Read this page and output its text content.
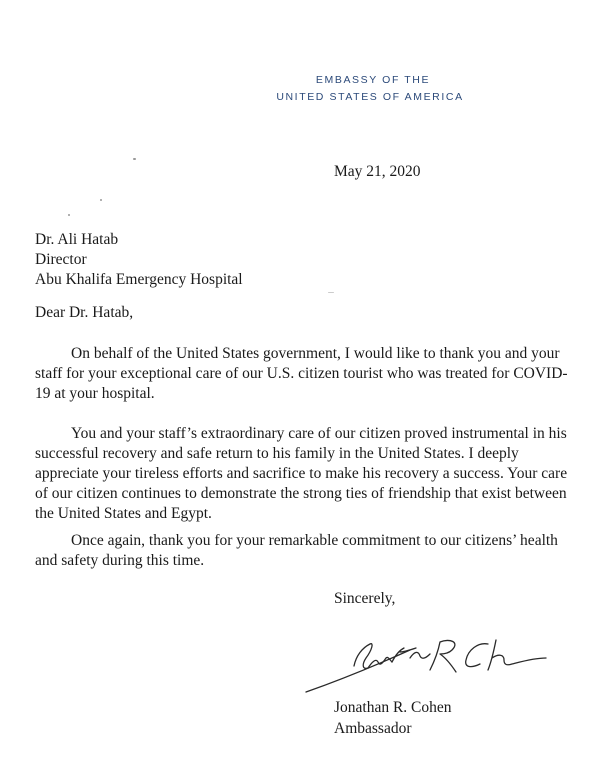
EMBASSY OF THE
UNITED STATES OF AMERICA
May 21, 2020
Dr. Ali Hatab
Director
Abu Khalifa Emergency Hospital
Dear Dr. Hatab,

On behalf of the United States government, I would like to thank you and your staff for your exceptional care of our U.S. citizen tourist who was treated for COVID-19 at your hospital.

You and your staff’s extraordinary care of our citizen proved instrumental in his successful recovery and safe return to his family in the United States. I deeply appreciate your tireless efforts and sacrifice to make his recovery a success. Your care of our citizen continues to demonstrate the strong ties of friendship that exist between the United States and Egypt.

Once again, thank you for your remarkable commitment to our citizens’ health and safety during this time.

Sincerely,
Jonathan R. Cohen
Ambassador
